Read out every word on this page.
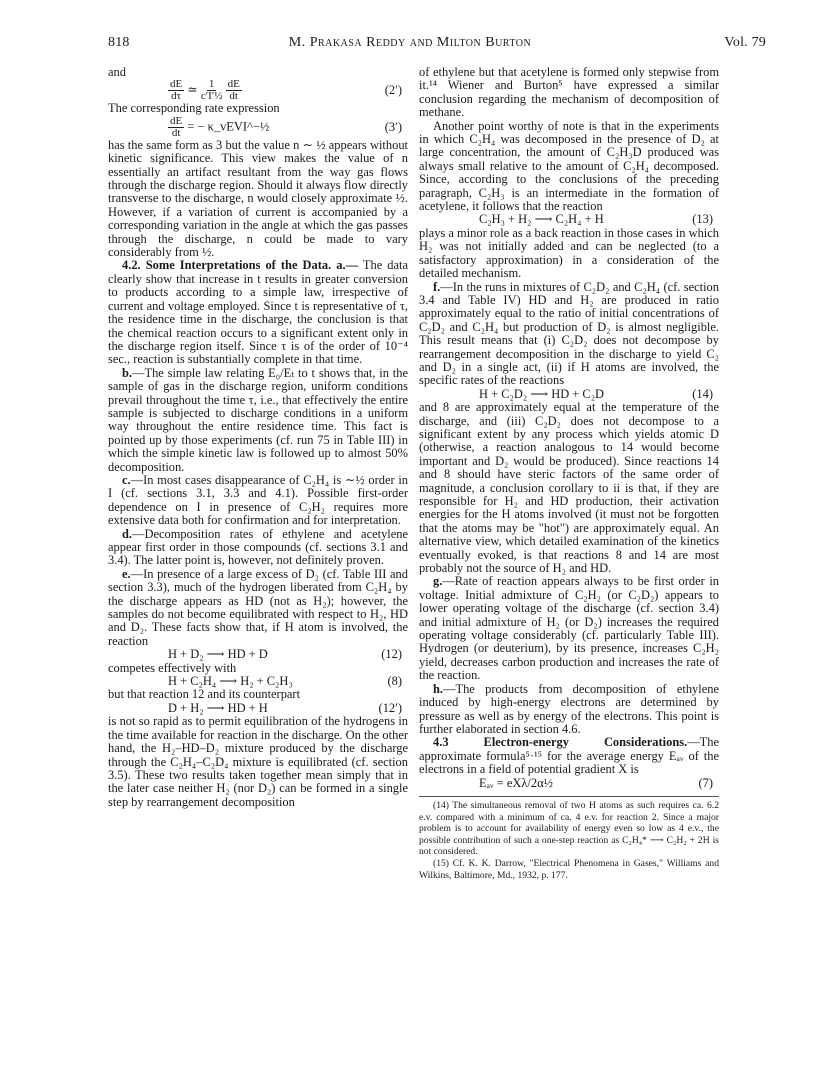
818	M. Prakasa Reddy and Milton Burton	Vol. 79

and

$\frac{dE}{d\tau}$ ≃ $\frac{1}{\text{c′I′½}}$
$\frac{dE}{dt}$	(2′)

The corresponding rate expression

$\frac{dE}{dt}$ = − κ_vEVI^−½	(3′)

has the same form as 3 but the value n ∼ ½ appears without kinetic significance. This view makes the value of n essentially an artifact resultant from the way gas flows through the discharge region. Should it always flow directly transverse to the discharge, n would closely approximate ½. However, if a variation of current is accompanied by a corresponding variation in the angle at which the gas passes through the discharge, n could be made to vary considerably from ½.

4.2. Some Interpretations of the Data. a.— The data clearly show that increase in t results in greater conversion to products according to a simple law, irrespective of current and voltage employed. Since t is representative of τ, the residence time in the discharge, the conclusion is that the chemical reaction occurs to a significant extent only in the discharge region itself. Since τ is of the order of 10⁻⁴ sec., reaction is substantially complete in that time.

b.—The simple law relating E₀/Eₜ to t shows that, in the sample of gas in the discharge region, uniform conditions prevail throughout the time τ, i.e., that effectively the entire sample is subjected to discharge conditions in a uniform way throughout the entire residence time. This fact is pointed up by those experiments (cf. run 75 in Table III) in which the simple kinetic law is followed up to almost 50% decomposition.

c.—In most cases disappearance of C₂H₄ is ∼½ order in I (cf. sections 3.1, 3.3 and 4.1). Possible first-order dependence on I in presence of C₂H₂ requires more extensive data both for confirmation and for interpretation.

d.—Decomposition rates of ethylene and acetylene appear first order in those compounds (cf. sections 3.1 and 3.4). The latter point is, however, not definitely proven.

e.—In presence of a large excess of D₂ (cf. Table III and section 3.3), much of the hydrogen liberated from C₂H₄ by the discharge appears as HD (not as H₂); however, the samples do not become equilibrated with respect to H₂, HD and D₂. These facts show that, if H atom is involved, the reaction

H + D₂ ⟶ HD + D	(12)

competes effectively with

H + C₂H₄ ⟶ H₂ + C₂H₃	(8)

but that reaction 12 and its counterpart

D + H₂ ⟶ HD + H	(12′)

is not so rapid as to permit equilibration of the hydrogens in the time available for reaction in the discharge. On the other hand, the H₂–HD–D₂ mixture produced by the discharge through the C₂H₄–C₂D₄ mixture is equilibrated (cf. section 3.5). These two results taken together mean simply that in the later case neither H₂ (nor D₂) can be formed in a single step by rearrangement decomposition

of ethylene but that acetylene is formed only stepwise from it.¹⁴ Wiener and Burton⁵ have expressed a similar conclusion regarding the mechanism of decomposition of methane.

Another point worthy of note is that in the experiments in which C₂H₄ was decomposed in the presence of D₂ at large concentration, the amount of C₂H₃D produced was always small relative to the amount of C₂H₄ decomposed. Since, according to the conclusions of the preceding paragraph, C₂H₃ is an intermediate in the formation of acetylene, it follows that the reaction

C₂H₃ + H₂ ⟶ C₂H₄ + H	(13)

plays a minor role as a back reaction in those cases in which H₂ was not initially added and can be neglected (to a satisfactory approximation) in a consideration of the detailed mechanism.

f.—In the runs in mixtures of C₂D₂ and C₂H₄ (cf. section 3.4 and Table IV) HD and H₂ are produced in ratio approximately equal to the ratio of initial concentrations of C₂D₂ and C₂H₄ but production of D₂ is almost negligible. This result means that (i) C₂D₂ does not decompose by rearrangement decomposition in the discharge to yield C₂ and D₂ in a single act, (ii) if H atoms are involved, the specific rates of the reactions

H + C₂D₂ ⟶ HD + C₂D	(14)

and 8 are approximately equal at the temperature of the discharge, and (iii) C₂D₂ does not decompose to a significant extent by any process which yields atomic D (otherwise, a reaction analogous to 14 would become important and D₂ would be produced). Since reactions 14 and 8 should have steric factors of the same order of magnitude, a conclusion corollary to ii is that, if they are responsible for H₂ and HD production, their activation energies for the H atoms involved (it must not be forgotten that the atoms may be "hot") are approximately equal. An alternative view, which detailed examination of the kinetics eventually evoked, is that reactions 8 and 14 are most probably not the source of H₂ and HD.

g.—Rate of reaction appears always to be first order in voltage. Initial admixture of C₂H₂ (or C₂D₂) appears to lower operating voltage of the discharge (cf. section 3.4) and initial admixture of H₂ (or D₂) increases the required operating voltage considerably (cf. particularly Table III). Hydrogen (or deuterium), by its presence, increases C₂H₂ yield, decreases carbon production and increases the rate of the reaction.

h.—The products from decomposition of ethylene induced by high-energy electrons are determined by pressure as well as by energy of the electrons. This point is further elaborated in section 4.6.

4.3 Electron-energy Considerations.—The approximate formula⁵·¹⁵ for the average energy Eₐᵥ of the electrons in a field of potential gradient X is

Eₐᵥ = eXλ/2α½	(7)

(14) The simultaneous removal of two H atoms as such requires ca. 6.2 e.v. compared with a minimum of ca. 4 e.v. for reaction 2. Since a major problem is to account for availability of energy even so low as 4 e.v., the possible contribution of such a one-step reaction as C₂H₄* ⟶ C₂H₂ + 2H is not considered.

(15) Cf. K. K. Darrow, "Electrical Phenomena in Gases," Williams and Wilkins, Baltimore, Md., 1932, p. 177.
